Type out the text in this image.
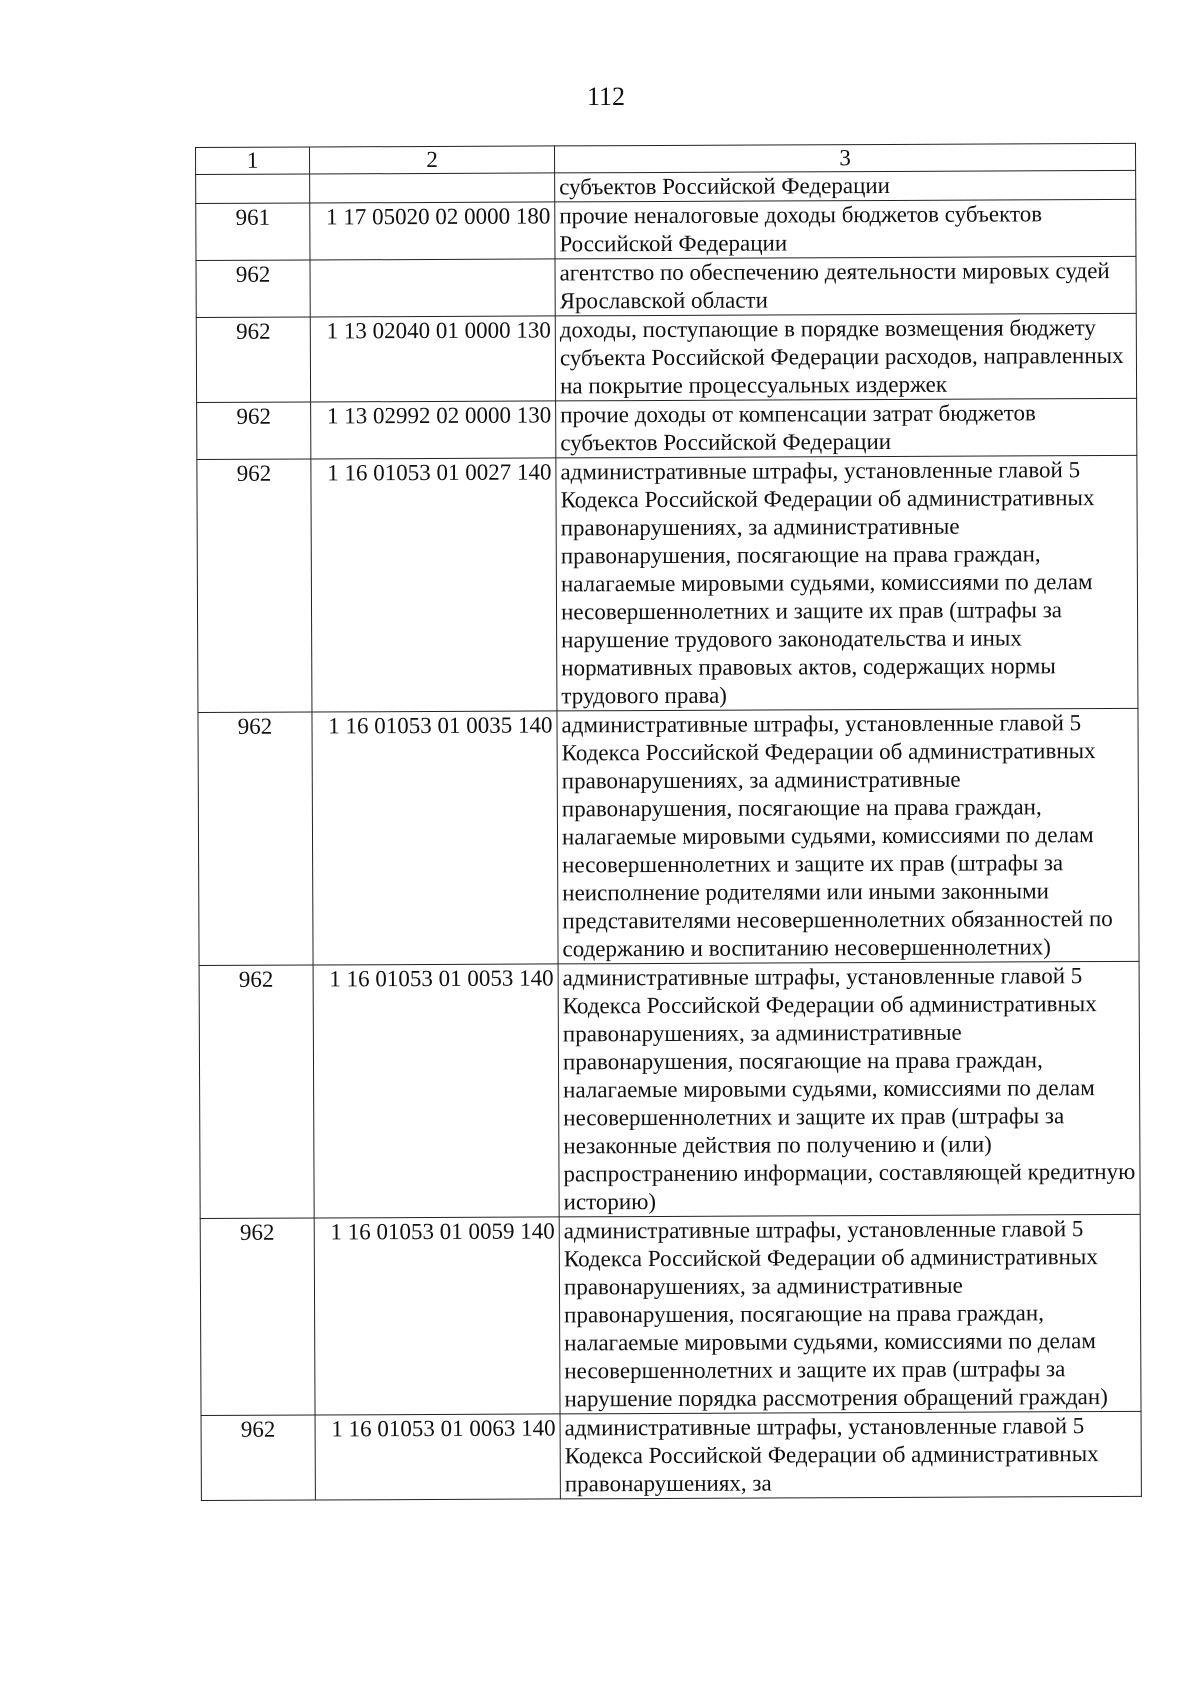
112
1	2	3
		субъектов Российской Федерации
961	1 17 05020 02 0000 180	прочие неналоговые доходы бюджетов субъектов Российской Федерации
962		агентство по обеспечению деятельности мировых судей Ярославской области
962	1 13 02040 01 0000 130	доходы, поступающие в порядке возмещения бюджету субъекта Российской Федерации расходов, направленных на покрытие процессуальных издержек
962	1 13 02992 02 0000 130	прочие доходы от компенсации затрат бюджетов субъектов Российской Федерации
962	1 16 01053 01 0027 140	административные штрафы, установленные главой 5 Кодекса Российской Федерации об административных правонарушениях, за административные правонарушения, посягающие на права граждан, налагаемые мировыми судьями, комиссиями по делам несовершеннолетних и защите их прав (штрафы за нарушение трудового законодательства и иных нормативных правовых актов, содержащих нормы трудового права)
962	1 16 01053 01 0035 140	административные штрафы, установленные главой 5 Кодекса Российской Федерации об административных правонарушениях, за административные правонарушения, посягающие на права граждан, налагаемые мировыми судьями, комиссиями по делам несовершеннолетних и защите их прав (штрафы за неисполнение родителями или иными законными представителями несовершеннолетних обязанностей по содержанию и воспитанию несовершеннолетних)
962	1 16 01053 01 0053 140	административные штрафы, установленные главой 5 Кодекса Российской Федерации об административных правонарушениях, за административные правонарушения, посягающие на права граждан, налагаемые мировыми судьями, комиссиями по делам несовершеннолетних и защите их прав (штрафы за незаконные действия по получению и (или) распространению информации, составляющей кредитную историю)
962	1 16 01053 01 0059 140	административные штрафы, установленные главой 5 Кодекса Российской Федерации об административных правонарушениях, за административные правонарушения, посягающие на права граждан, налагаемые мировыми судьями, комиссиями по делам несовершеннолетних и защите их прав (штрафы за нарушение порядка рассмотрения обращений граждан)
962	1 16 01053 01 0063 140	административные штрафы, установленные главой 5 Кодекса Российской Федерации об административных правонарушениях, за
